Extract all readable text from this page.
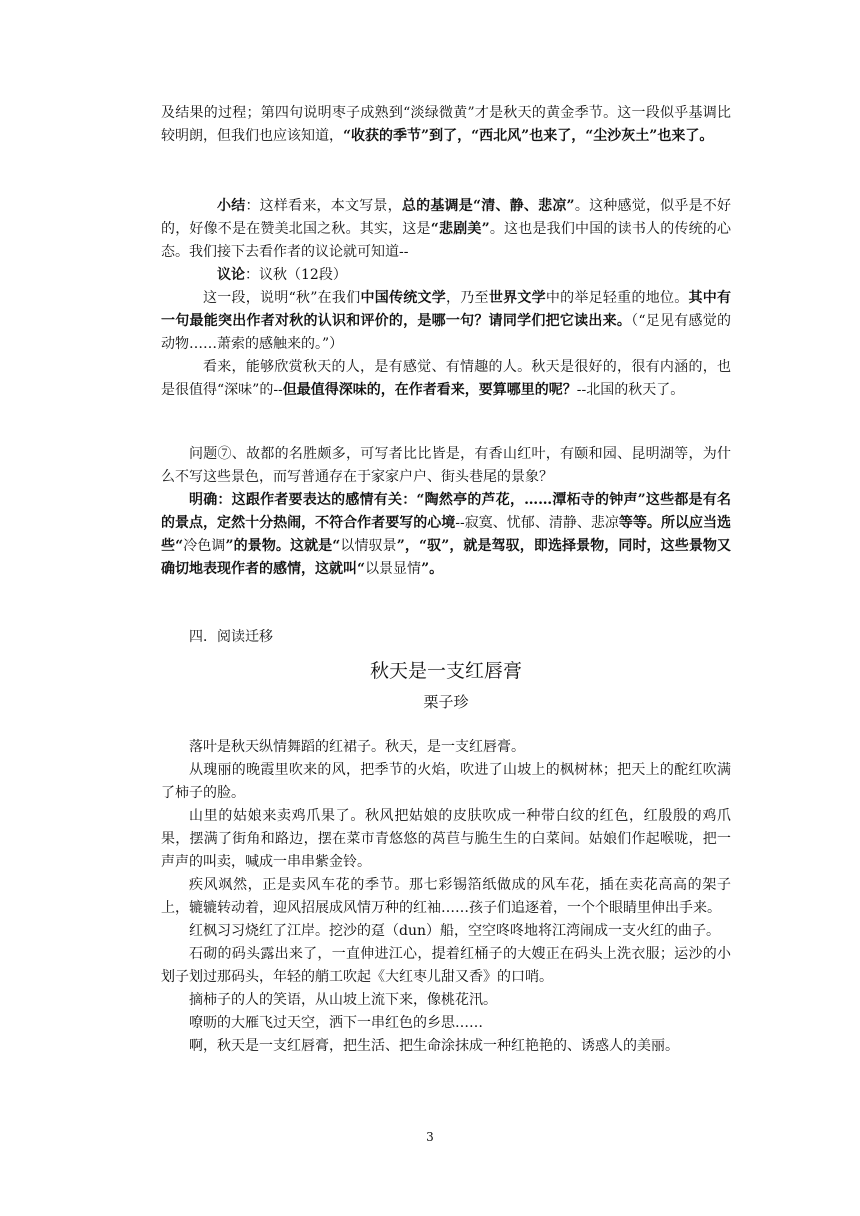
及结果的过程；第四句说明枣子成熟到“淡绿微黄”才是秋天的黄金季节。这一段似乎基调比较明朗，但我们也应该知道，“收获的季节”到了，“西北风”也来了，“尘沙灰土”也来了。
小结：这样看来，本文写景，总的基调是“清、静、悲凉”。这种感觉，似乎是不好的，好像不是在赞美北国之秋。其实，这是“悲剧美”。这也是我们中国的读书人的传统的心态。我们接下去看作者的议论就可知道--
议论：议秋（12段）
这一段，说明“秋”在我们中国传统文学，乃至世界文学中的举足轻重的地位。其中有一句最能突出作者对秋的认识和评价的，是哪一句？请同学们把它读出来。（“足见有感觉的动物……萧索的感触来的。”）
看来，能够欣赏秋天的人，是有感觉、有情趣的人。秋天是很好的，很有内涵的，也是很值得“深味”的--但最值得深味的，在作者看来，要算哪里的呢？--北国的秋天了。
问题⑦、故都的名胜颇多，可写者比比皆是，有香山红叶，有颐和园、昆明湖等，为什么不写这些景色，而写普通存在于家家户户、街头巷尾的景象？
明确：这跟作者要表达的感情有关：“陶然亭的芦花，……潭柘寺的钟声”这些都是有名的景点，定然十分热闹，不符合作者要写的心境--寂寞、忧郁、清静、悲凉等等。所以应当选些“冷色调”的景物。这就是“以情驭景”，“驭”，就是驾驭，即选择景物，同时，这些景物又确切地表现作者的感情，这就叫“以景显情”。
四．阅读迁移
秋天是一支红唇膏
栗子珍
落叶是秋天纵情舞蹈的红裙子。秋天，是一支红唇膏。
从瑰丽的晚霞里吹来的风，把季节的火焰，吹进了山坡上的枫树林；把天上的酡红吹满了柿子的脸。
山里的姑娘来卖鸡爪果了。秋风把姑娘的皮肤吹成一种带白纹的红色，红殷殷的鸡爪果，摆满了街角和路边，摆在菜市青悠悠的莴苣与脆生生的白菜间。姑娘们作起喉咙，把一声声的叫卖，喊成一串串紫金铃。
疾风飒然，正是卖风车花的季节。那七彩锡箔纸做成的风车花，插在卖花高高的架子上，辘辘转动着，迎风招展成风情万种的红袖……孩子们追逐着，一个个眼睛里伸出手来。
红枫习习烧红了江岸。挖沙的趸（dun）船，空空咚咚地将江湾闹成一支火红的曲子。
石砌的码头露出来了，一直伸进江心，提着红桶子的大嫂正在码头上洗衣服；运沙的小划子划过那码头，年轻的艄工吹起《大红枣儿甜又香》的口哨。
摘柿子的人的笑语，从山坡上流下来，像桃花汛。
嘹呖的大雁飞过天空，洒下一串红色的乡思……
啊，秋天是一支红唇膏，把生活、把生命涂抹成一种红艳艳的、诱惑人的美丽。
3
